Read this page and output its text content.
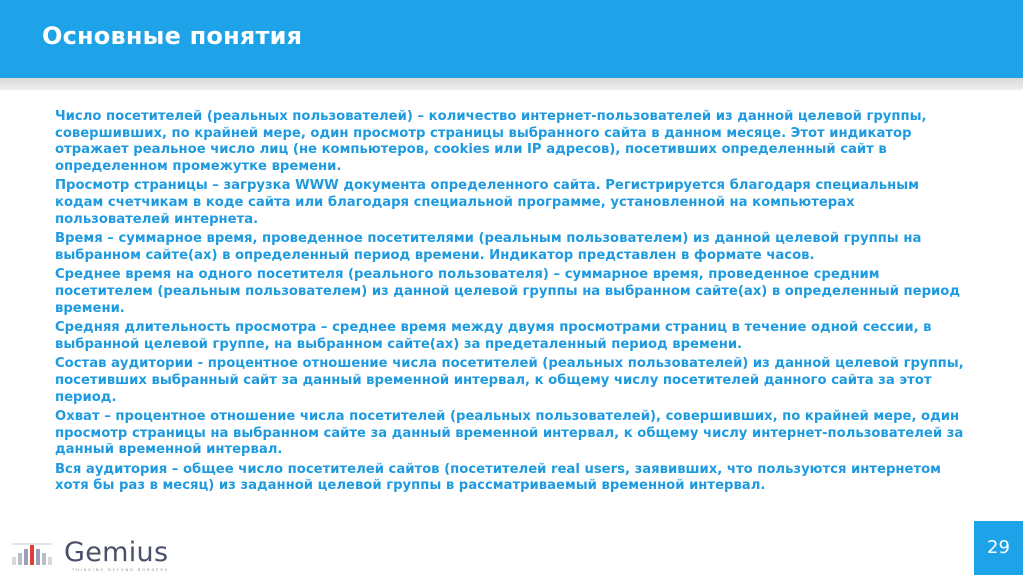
Основные понятия

Число посетителей (реальных пользователей) – количество интернет-пользователей из данной целевой группы, совершивших, по крайней мере, один просмотр страницы выбранного сайта в данном месяце. Этот индикатор отражает реальное число лиц (не компьютеров, cookies или IP адресов), посетивших определенный сайт в определенном промежутке времени.

Просмотр страницы – загрузка WWW документа определенного сайта. Регистрируется благодаря специальным кодам счетчикам в коде сайта или благодаря специальной программе, установленной на компьютерах пользователей интернета.

Время – суммарное время, проведенное посетителями (реальным пользователем) из данной целевой группы на выбранном сайте(ах) в определенный период времени. Индикатор представлен в формате часов.

Среднее время на одного посетителя (реального пользователя) – суммарное время, проведенное средним посетителем (реальным пользователем) из данной целевой группы на выбранном сайте(ах) в определенный период времени.

Средняя длительность просмотра – среднее время между двумя просмотрами страниц в течение одной сессии, в выбранной целевой группе, на выбранном сайте(ах) за предеталенный период времени.

Состав аудитории - процентное отношение числа посетителей (реальных пользователей) из данной целевой группы, посетивших выбранный сайт за данный временной интервал, к общему числу посетителей данного сайта за этот период.

Охват – процентное отношение числа посетителей (реальных пользователей), совершивших, по крайней мере, один просмотр страницы на выбранном сайте за данный временной интервал, к общему числу интернет-пользователей за данный временной интервал.

Вся аудитория – общее число посетителей сайтов (посетителей real users, заявивших, что пользуются интернетом хотя бы раз в месяц) из заданной целевой группы в рассматриваемый временной интервал.

Gemius
THINKING BEYOND BORDERS
29
